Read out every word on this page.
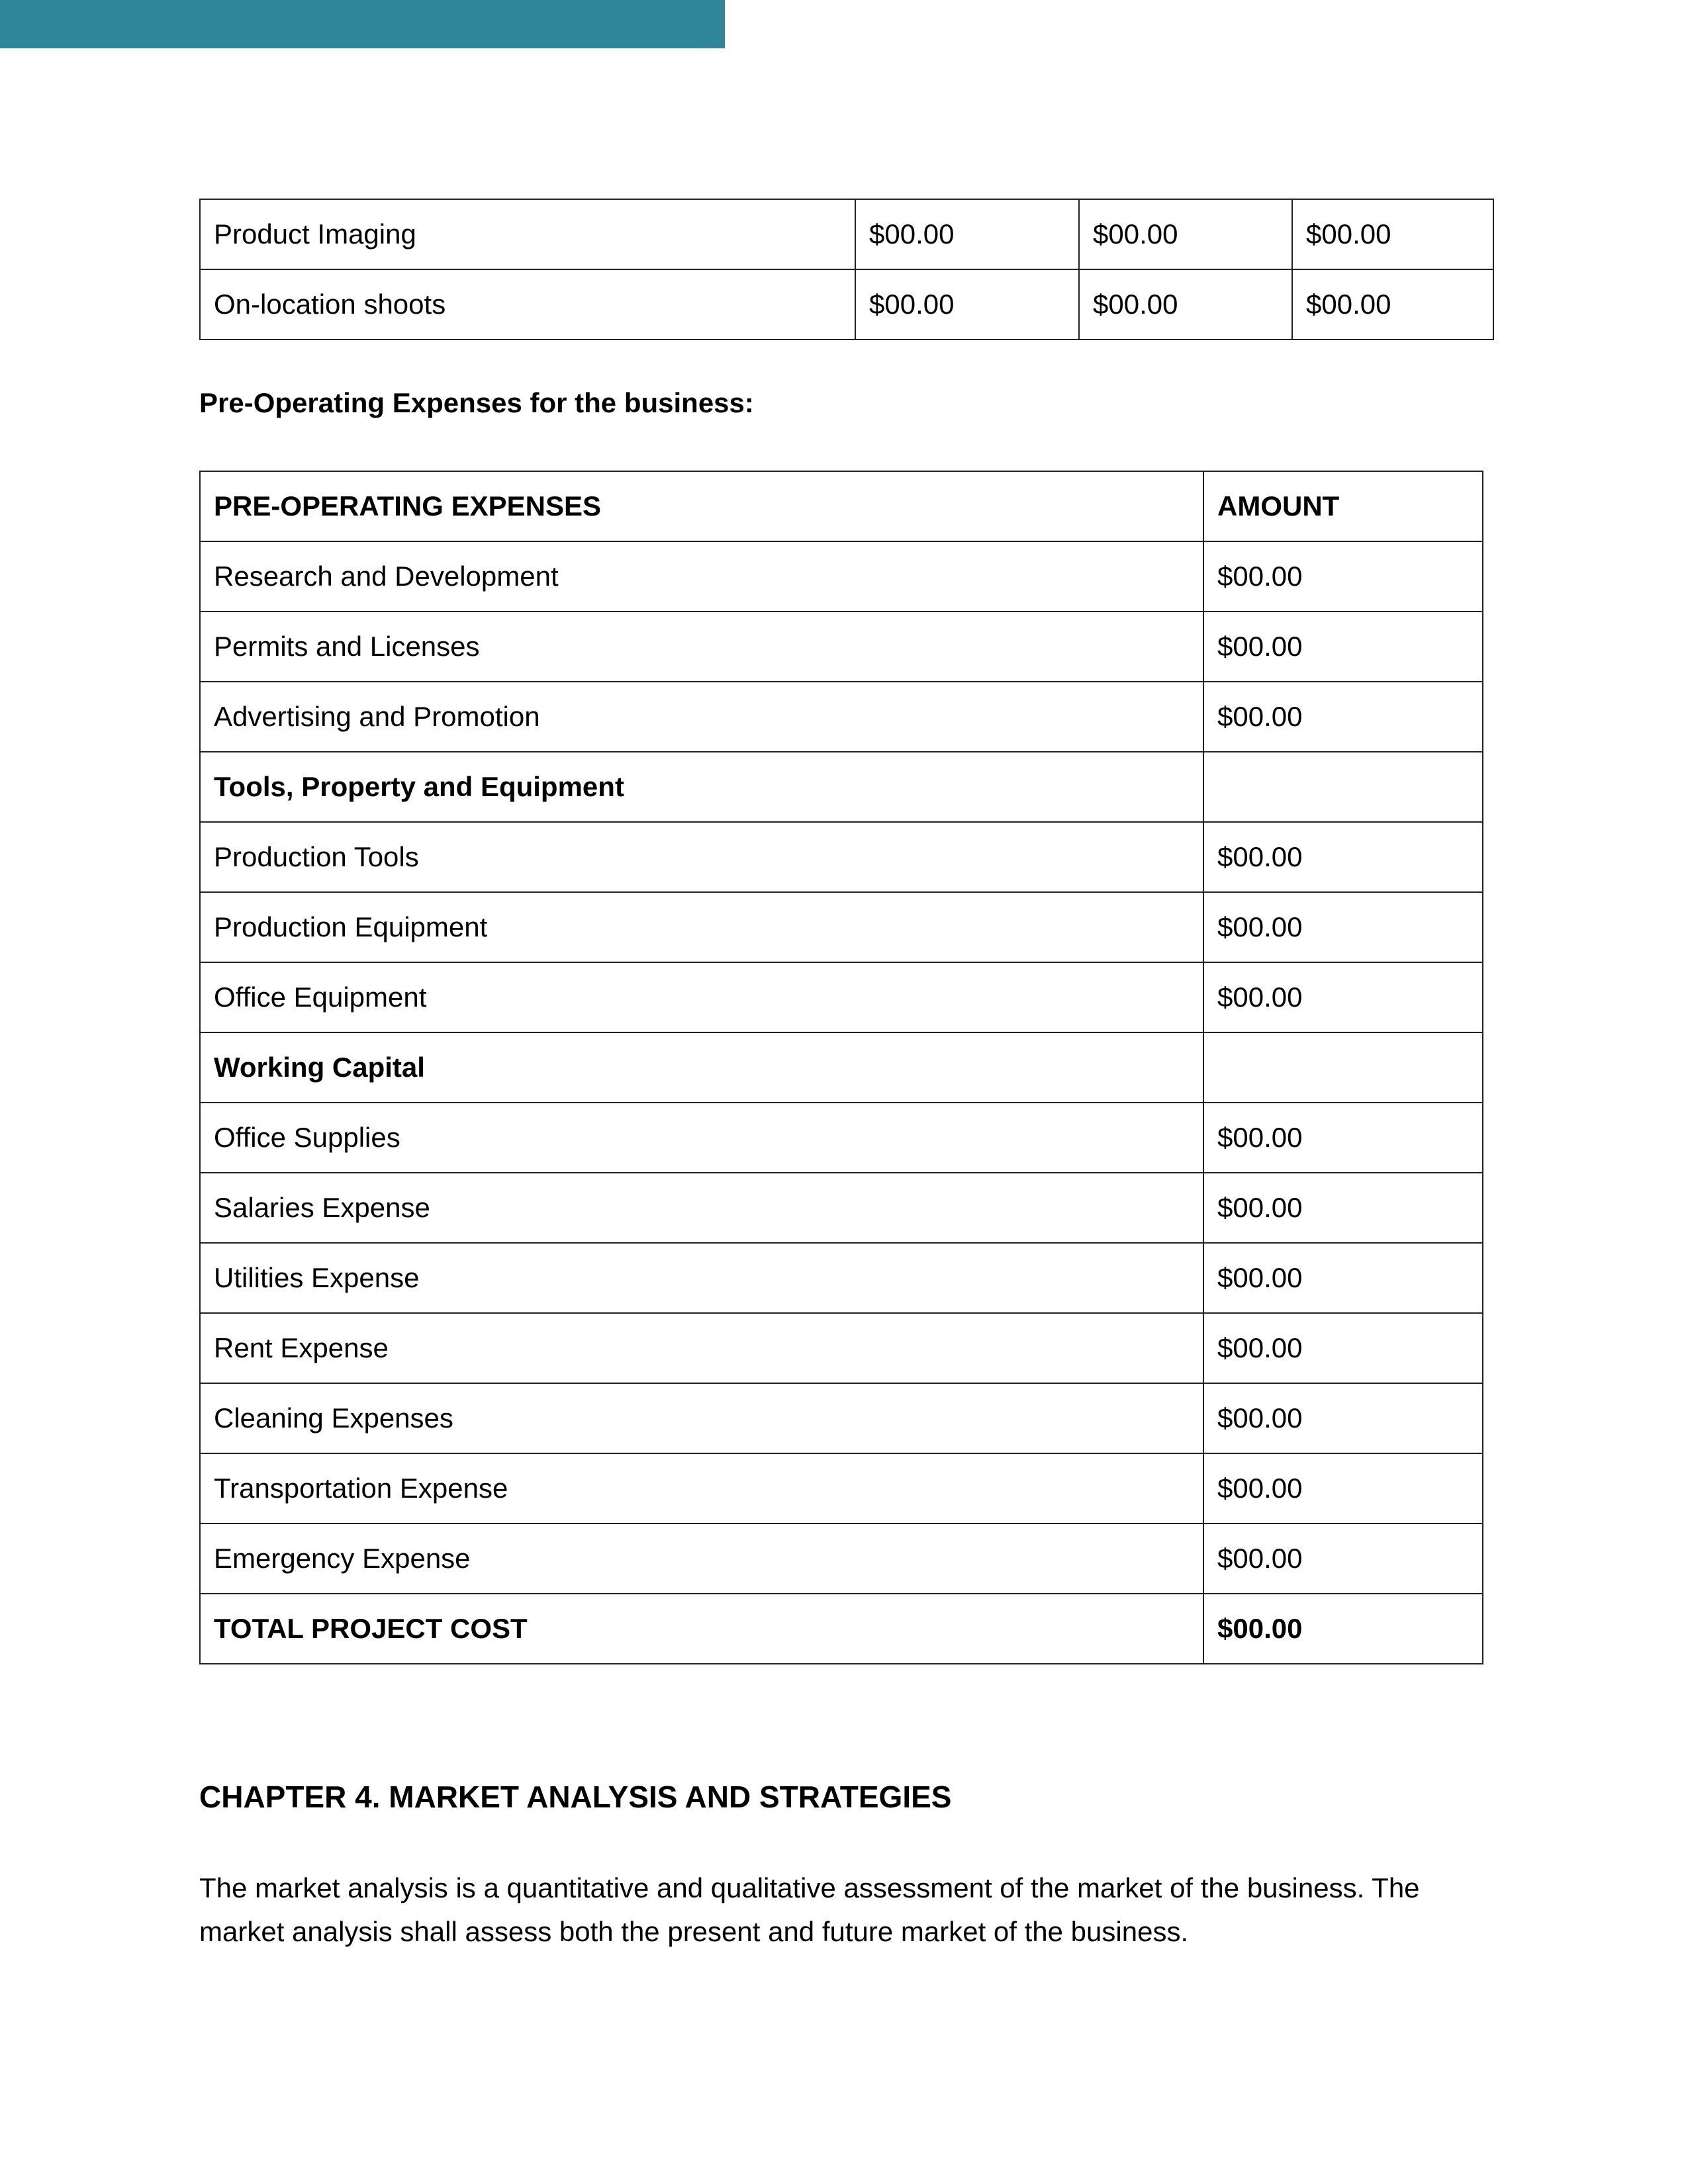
Product Imaging	$00.00	$00.00	$00.00
On-location shoots	$00.00	$00.00	$00.00

Pre-Operating Expenses for the business:

PRE-OPERATING EXPENSES	AMOUNT
Research and Development	$00.00
Permits and Licenses	$00.00
Advertising and Promotion	$00.00
Tools, Property and Equipment	
Production Tools	$00.00
Production Equipment	$00.00
Office Equipment	$00.00
Working Capital	
Office Supplies	$00.00
Salaries Expense	$00.00
Utilities Expense	$00.00
Rent Expense	$00.00
Cleaning Expenses	$00.00
Transportation Expense	$00.00
Emergency Expense	$00.00
TOTAL PROJECT COST	$00.00
CHAPTER 4. MARKET ANALYSIS AND STRATEGIES

The market analysis is a quantitative and qualitative assessment of the market of the business. The market analysis shall assess both the present and future market of the business.
